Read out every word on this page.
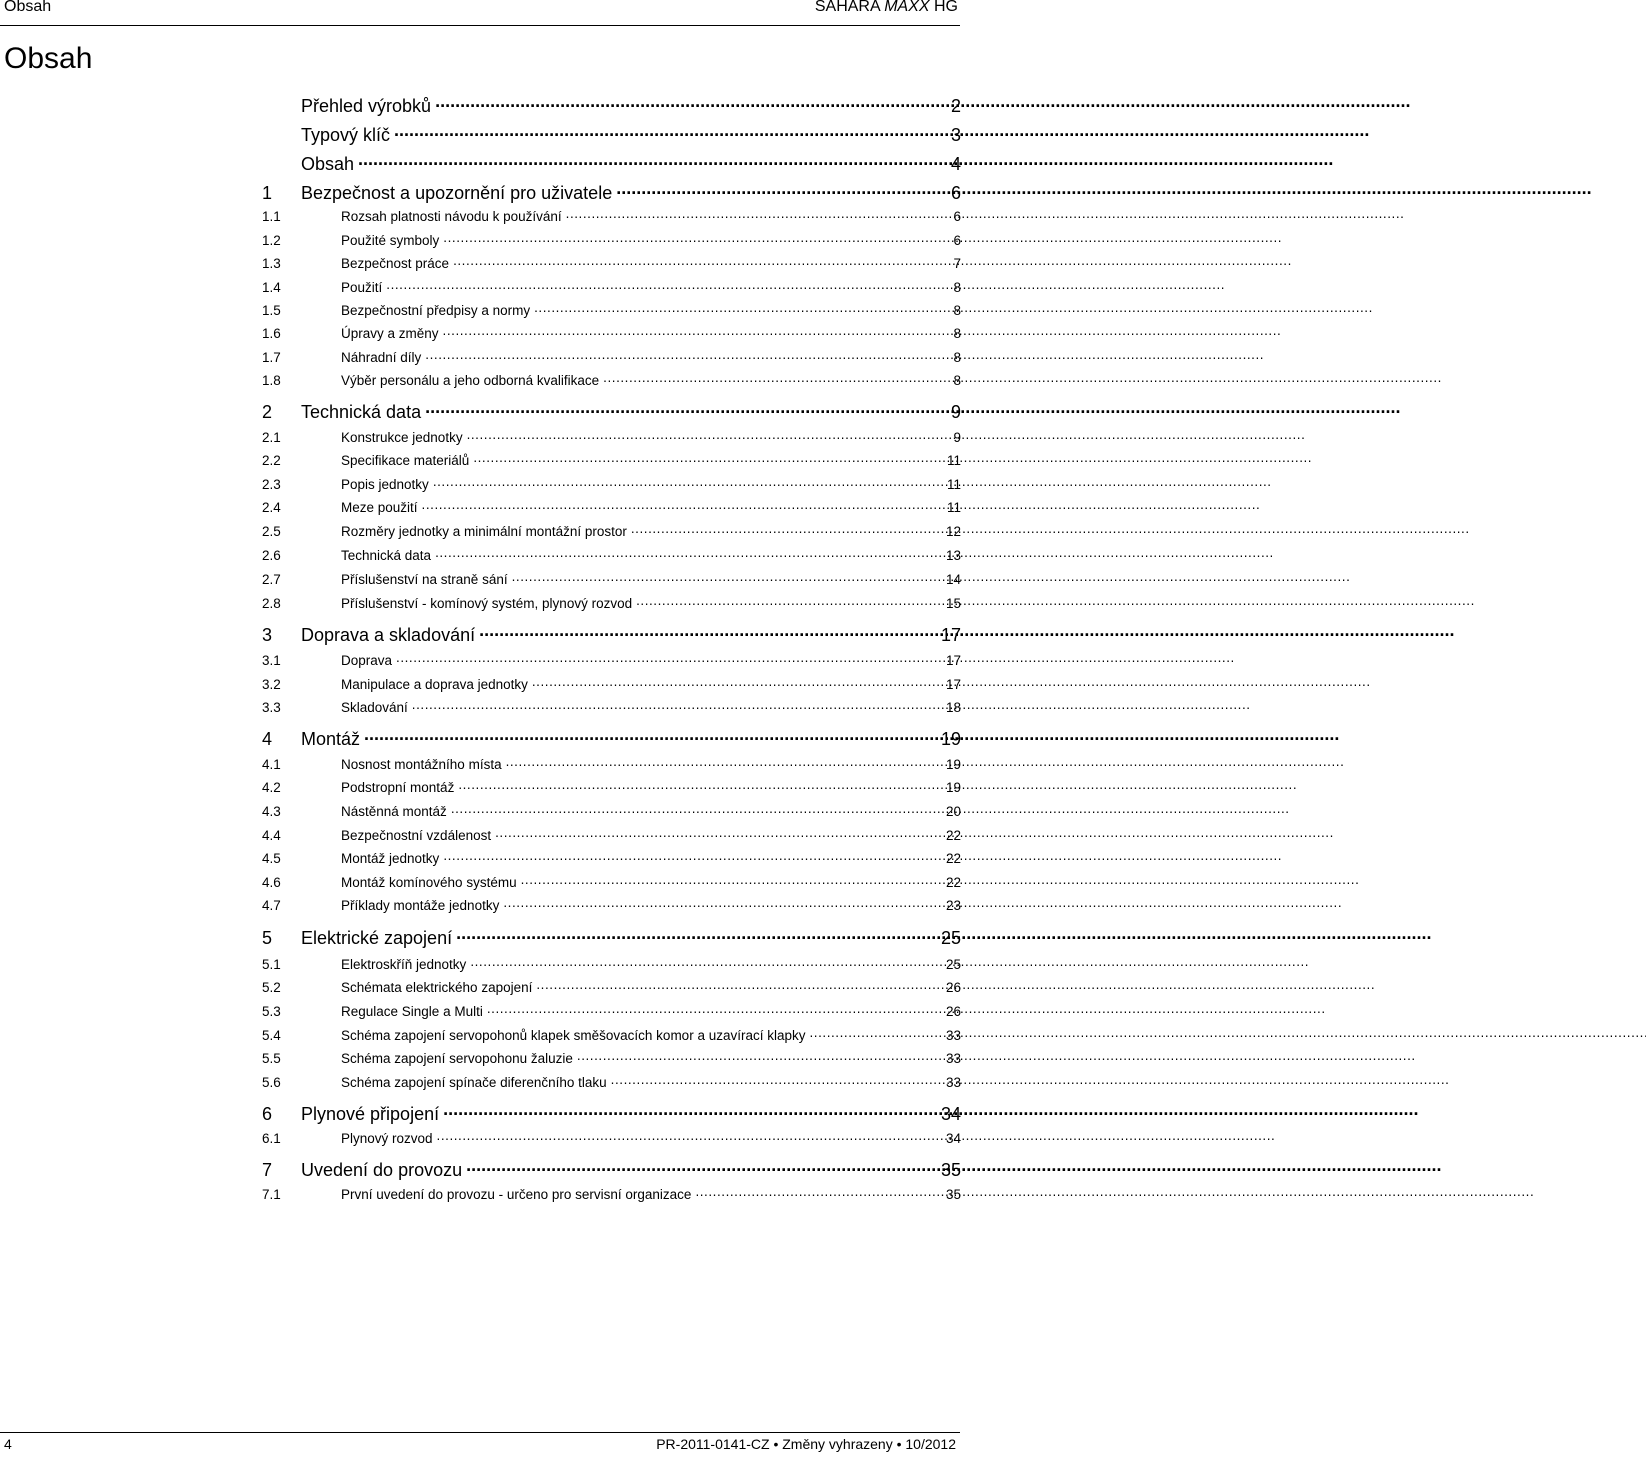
Obsah	SAHARA MAXX HG
Obsah
Přehled výrobků . . .	2
Typový klíč . . .	3
Obsah . . .	4
1	Bezpečnost a upozornění pro uživatele . . .	6
1.1	Rozsah platnosti návodu k používání . . .	6
1.2	Použité symboly . . .	6
1.3	Bezpečnost práce . . .	7
1.4	Použití . . .	8
1.5	Bezpečnostní předpisy a normy . . .	8
1.6	Úpravy a změny . . .	8
1.7	Náhradní díly . . .	8
1.8	Výběr personálu a jeho odborná kvalifikace . . .	8
2	Technická data . . .	9
2.1	Konstrukce jednotky . . .	9
2.2	Specifikace materiálů . . .	11
2.3	Popis jednotky . . .	11
2.4	Meze použití . . .	11
2.5	Rozměry jednotky a minimální montážní prostor . . .	12
2.6	Technická data . . .	13
2.7	Příslušenství na straně sání . . .	14
2.8	Příslušenství - komínový systém, plynový rozvod . . .	15
3	Doprava a skladování . . .	17
3.1	Doprava . . .	17
3.2	Manipulace a doprava jednotky . . .	17
3.3	Skladování . . .	18
4	Montáž . . .	19
4.1	Nosnost montážního místa . . .	19
4.2	Podstropní montáž . . .	19
4.3	Nástěnná montáž . . .	20
4.4	Bezpečnostní vzdálenost . . .	22
4.5	Montáž jednotky . . .	22
4.6	Montáž komínového systému . . .	22
4.7	Příklady montáže jednotky . . .	23
5	Elektrické zapojení . . .	25
5.1	Elektroskříň jednotky . . .	25
5.2	Schémata elektrického zapojení . . .	26
5.3	Regulace Single a Multi . . .	26
5.4	Schéma zapojení servopohonů klapek směšovacích komor a uzavírací klapky . . .	33
5.5	Schéma zapojení servopohonu žaluzie . . .	33
5.6	Schéma zapojení spínače diferenčního tlaku . . .	33
6	Plynové připojení . . .	34
6.1	Plynový rozvod . . .	34
7	Uvedení do provozu . . .	35
7.1	První uvedení do provozu - určeno pro servisní organizace . . .	35
4	PR-2011-0141-CZ • Změny vyhrazeny • 10/2012
